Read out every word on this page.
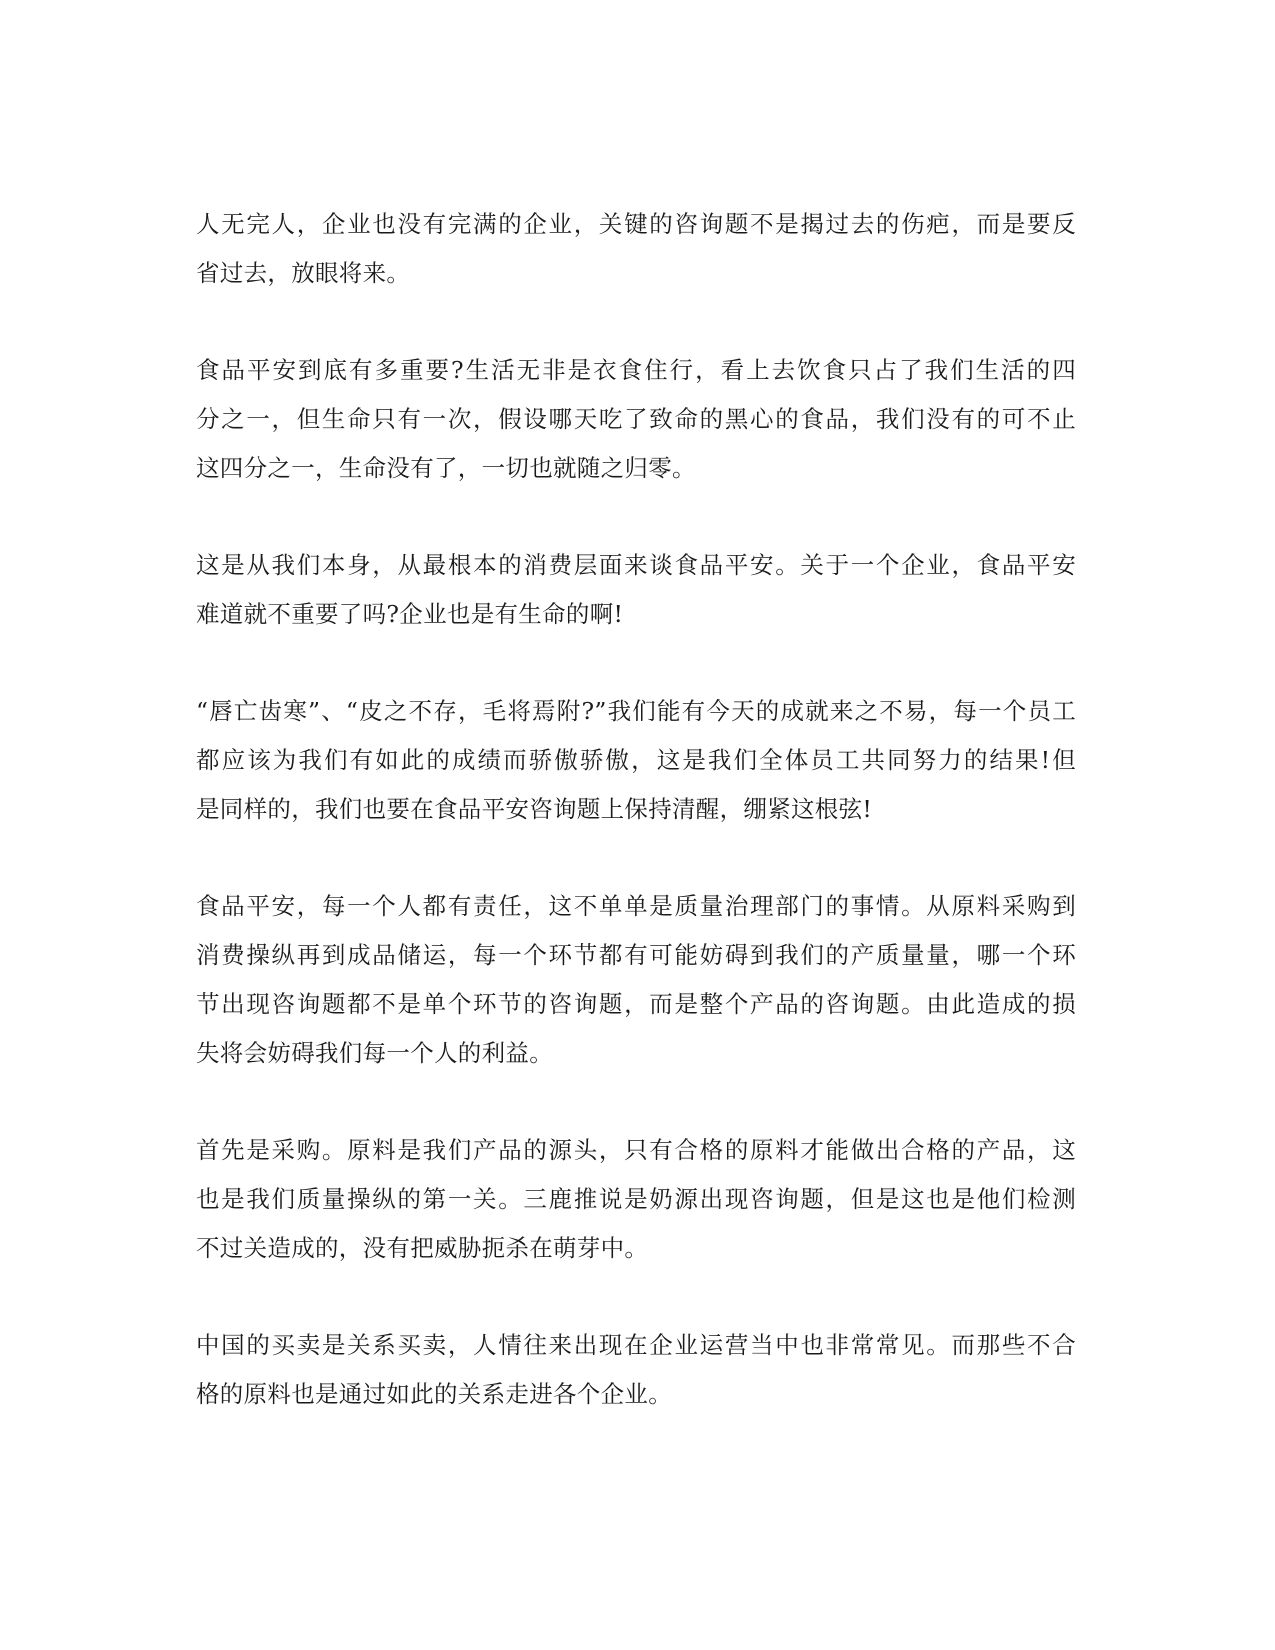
人无完人，企业也没有完满的企业，关键的咨询题不是揭过去的伤疤，而是要反
省过去，放眼将来。

食品平安到底有多重要?生活无非是衣食住行，看上去饮食只占了我们生活的四
分之一，但生命只有一次，假设哪天吃了致命的黑心的食品，我们没有的可不止
这四分之一，生命没有了，一切也就随之归零。

这是从我们本身，从最根本的消费层面来谈食品平安。关于一个企业，食品平安
难道就不重要了吗?企业也是有生命的啊!

“唇亡齿寒”、“皮之不存，毛将焉附?”我们能有今天的成就来之不易，每一个员工
都应该为我们有如此的成绩而骄傲骄傲，这是我们全体员工共同努力的结果!但
是同样的，我们也要在食品平安咨询题上保持清醒，绷紧这根弦!

食品平安，每一个人都有责任，这不单单是质量治理部门的事情。从原料采购到
消费操纵再到成品储运，每一个环节都有可能妨碍到我们的产质量量，哪一个环
节出现咨询题都不是单个环节的咨询题，而是整个产品的咨询题。由此造成的损
失将会妨碍我们每一个人的利益。

首先是采购。原料是我们产品的源头，只有合格的原料才能做出合格的产品，这
也是我们质量操纵的第一关。三鹿推说是奶源出现咨询题，但是这也是他们检测
不过关造成的，没有把威胁扼杀在萌芽中。

中国的买卖是关系买卖，人情往来出现在企业运营当中也非常常见。而那些不合
格的原料也是通过如此的关系走进各个企业。
